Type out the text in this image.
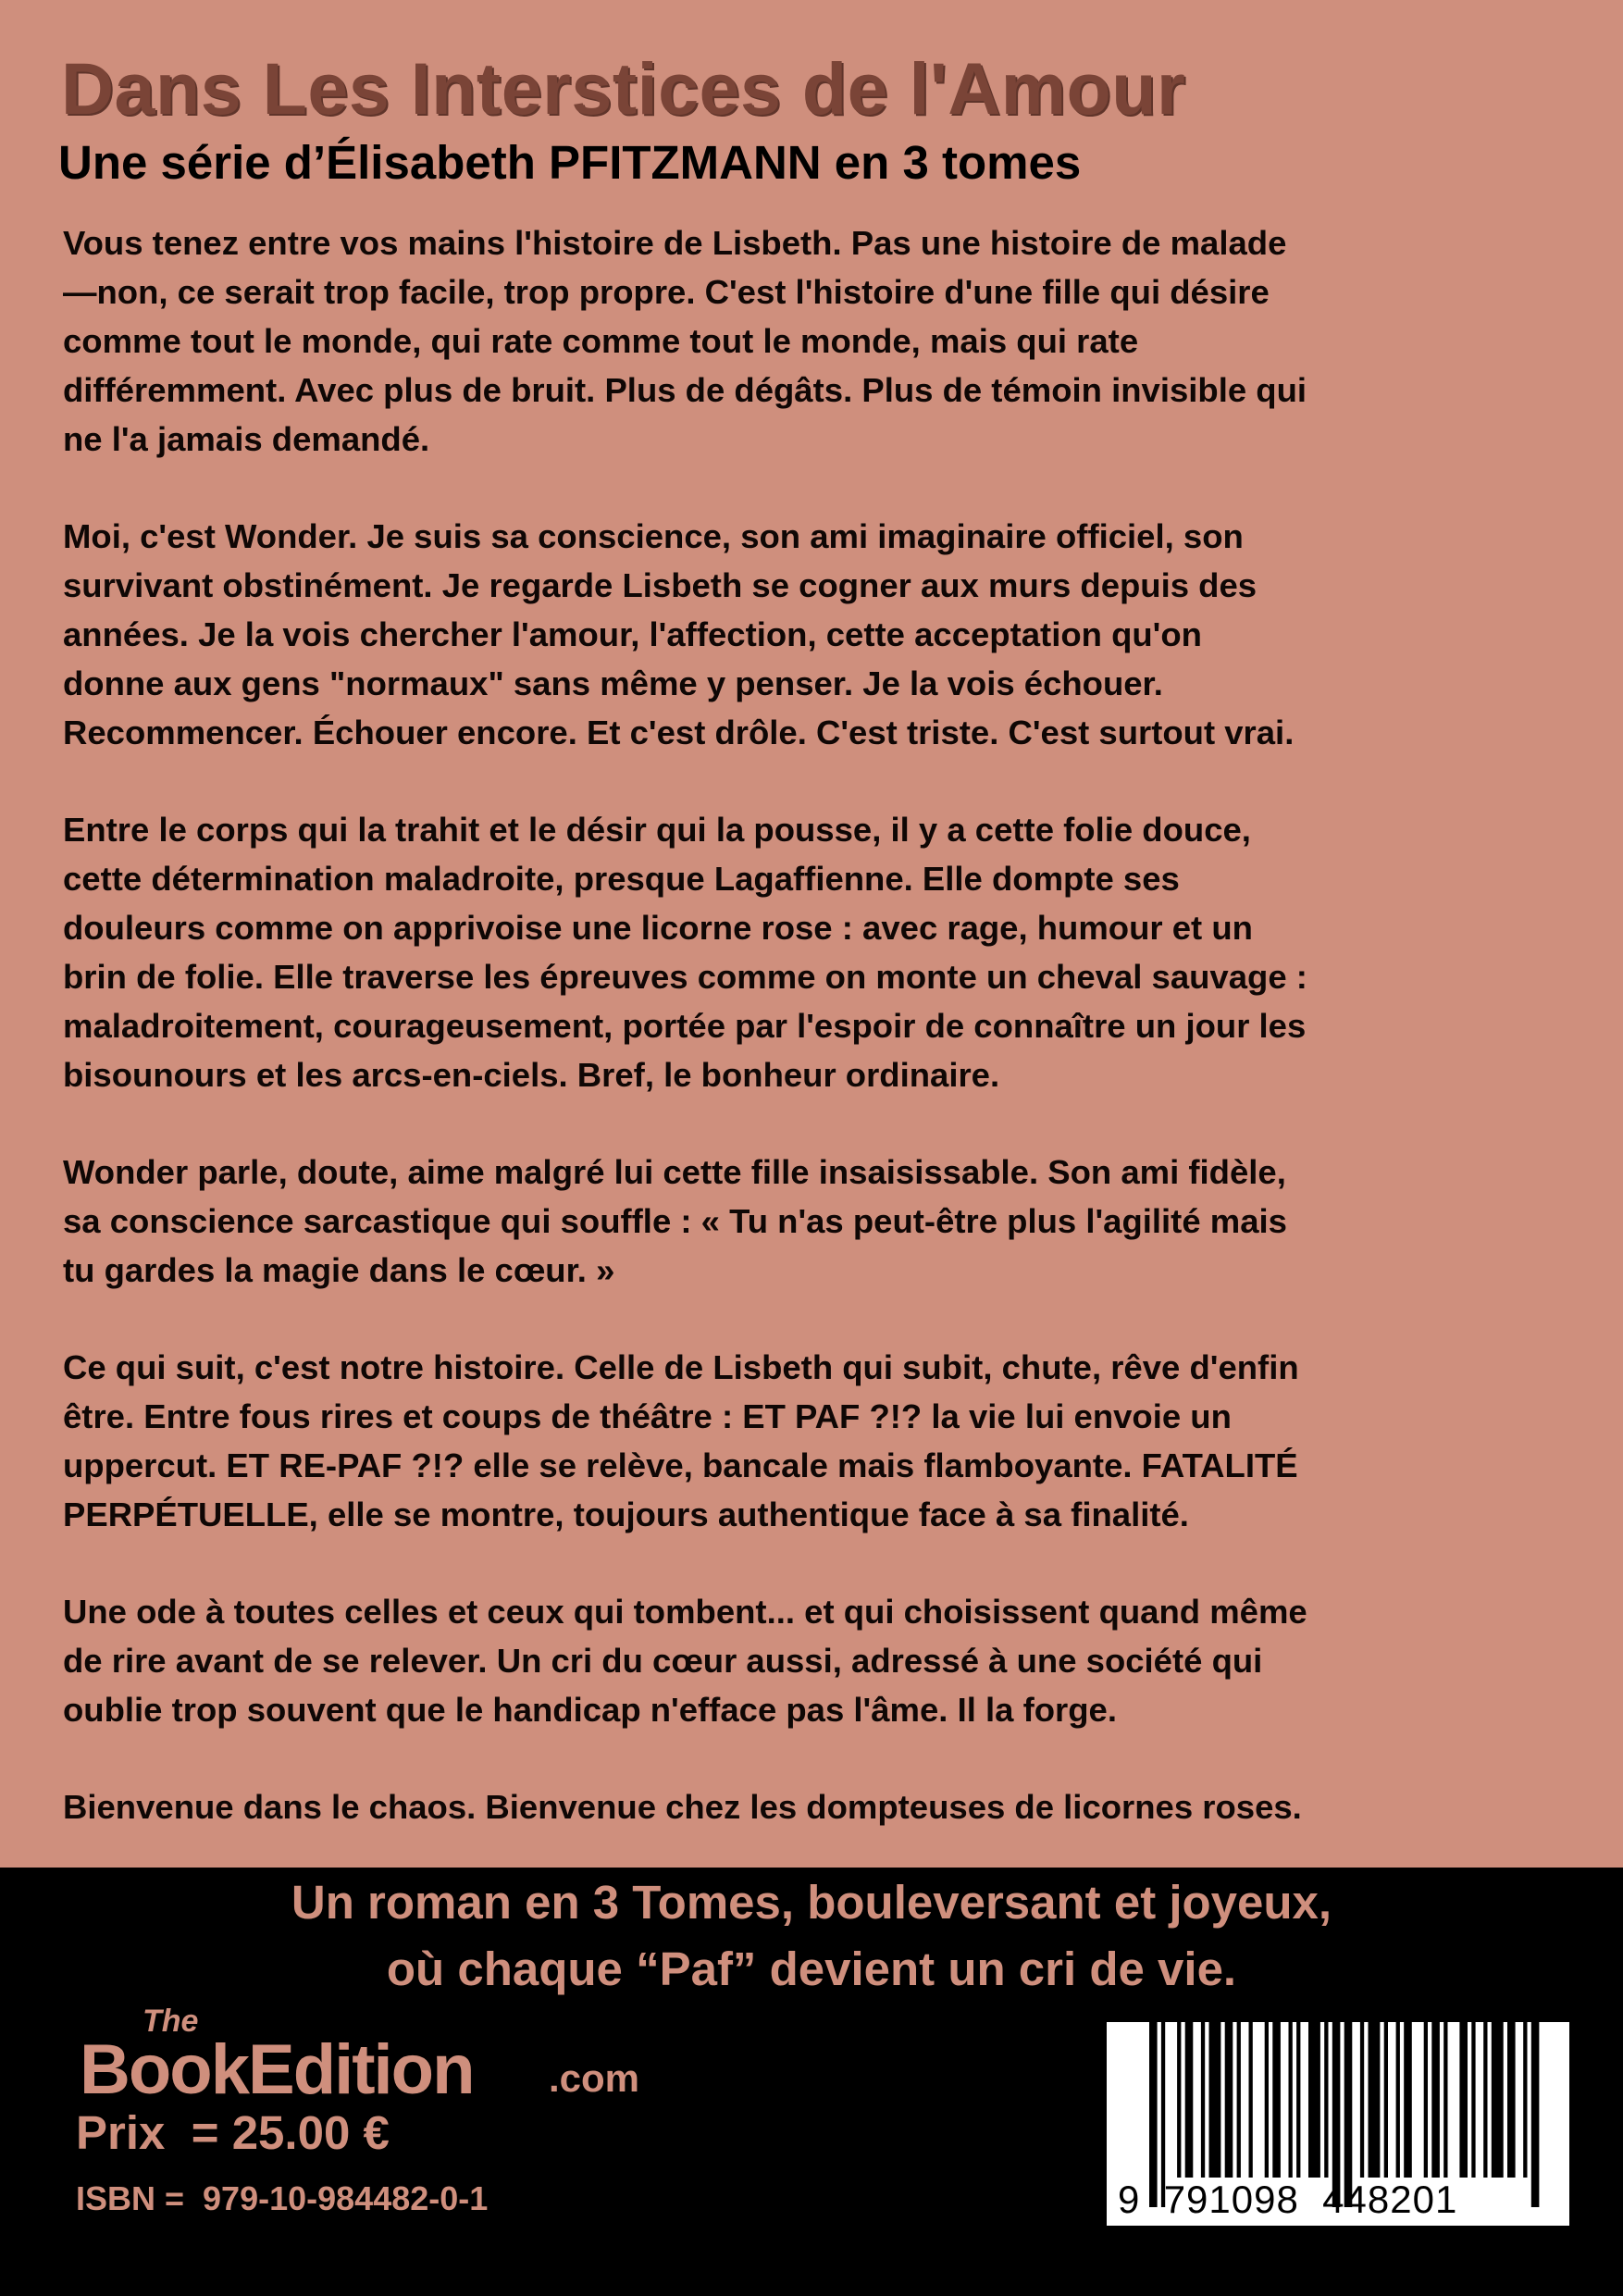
Dans Les Interstices de l'Amour
Une série d’Élisabeth PFITZMANN en 3 tomes

Vous tenez entre vos mains l'histoire de Lisbeth. Pas une histoire de malade
—non, ce serait trop facile, trop propre. C'est l'histoire d'une fille qui désire
comme tout le monde, qui rate comme tout le monde, mais qui rate
différemment. Avec plus de bruit. Plus de dégâts. Plus de témoin invisible qui
ne l'a jamais demandé.

Moi, c'est Wonder. Je suis sa conscience, son ami imaginaire officiel, son
survivant obstinément. Je regarde Lisbeth se cogner aux murs depuis des
années. Je la vois chercher l'amour, l'affection, cette acceptation qu'on
donne aux gens "normaux" sans même y penser. Je la vois échouer.
Recommencer. Échouer encore. Et c'est drôle. C'est triste. C'est surtout vrai.

Entre le corps qui la trahit et le désir qui la pousse, il y a cette folie douce,
cette détermination maladroite, presque Lagaffienne. Elle dompte ses
douleurs comme on apprivoise une licorne rose : avec rage, humour et un
brin de folie. Elle traverse les épreuves comme on monte un cheval sauvage :
maladroitement, courageusement, portée par l'espoir de connaître un jour les
bisounours et les arcs-en-ciels. Bref, le bonheur ordinaire.

Wonder parle, doute, aime malgré lui cette fille insaisissable. Son ami fidèle,
sa conscience sarcastique qui souffle : « Tu n'as peut-être plus l'agilité mais
tu gardes la magie dans le cœur. »

Ce qui suit, c'est notre histoire. Celle de Lisbeth qui subit, chute, rêve d'enfin
être. Entre fous rires et coups de théâtre : ET PAF ?!? la vie lui envoie un
uppercut. ET RE-PAF ?!? elle se relève, bancale mais flamboyante. FATALITÉ
PERPÉTUELLE, elle se montre, toujours authentique face à sa finalité.

Une ode à toutes celles et ceux qui tombent... et qui choisissent quand même
de rire avant de se relever. Un cri du cœur aussi, adressé à une société qui
oublie trop souvent que le handicap n'efface pas l'âme. Il la forge.

Bienvenue dans le chaos. Bienvenue chez les dompteuses de licornes roses.

Un roman en 3 Tomes, bouleversant et joyeux,
où chaque “Paf” devient un cri de vie.
The
BookEdition .com
Prix  = 25.00 €
ISBN =  979-10-984482-0-1	9  791098  448201
